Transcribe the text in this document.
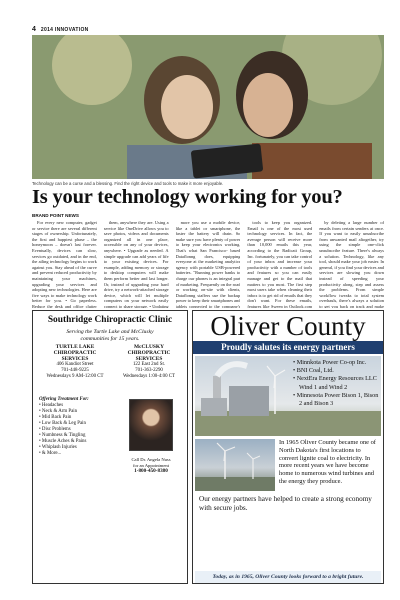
4 2014 INNOVATION
Technology can be a curse and a blessing. Find the right device and tools to make it more enjoyable.
Is your technology working for you?
BRAND POINT NEWS

For every new computer, gadget or service there are several different stages of ownership. Unfortunately, the first and happiest phase – the honeymoon – doesn't last forever. Eventually, devices can slow, services go outdated, and in the end, the ailing technology begins to work against you. Stay ahead of the curve and prevent reduced productivity by maintaining your machines, upgrading your services and adopting new technologies. Here are five ways to make technology work better for you. • Go paperless. Reduce the desk and office clutter

them, anywhere they are. Using a service like OneDrive allows you to save photos, videos and documents organized all in one place, accessible on any of your devices, anywhere. • Upgrade as needed. A simple upgrade can add years of life to your existing devices. For example, adding memory or storage to desktop computers will make them perform better and last longer. Or, instead of upgrading your hard drive, try a network-attached storage device, which will let multiple computers on your network easily connect to share storage. • Updating

more you use a mobile device, like a tablet or smartphone, the faster the battery will drain. So make sure you have plenty of power to keep your electronics working. That's what San Francisco- based Dataflonng does, equipping everyone at the marketing analytics agency with portable USB-powered batteries. "Running power banks to charge our phones is an integral part of marketing. Frequently on the road or working on-site with clients, Dataflonng staffers use the backup power to keep their smartphones and tablets connected to the company's

tools to keep you organized. Email is one of the most used technology services. In fact, the average person will receive more than 10,000 emails this year, according to the Radicati Group, Inc. fortunately, you can take control of your inbox and increase your productivity with a number of tools and features so you can easily manage and get to the mail that matters to you most. The first step most users take when cleaning their inbox is to get rid of emails that they don't want. For these emails, features like Sweep in Outlook.com

by deleting a large number of emails from certain senders at once. If you want to easily unsubscribe from unwanted mail altogether, try using the simple one-click unsubscribe feature. There's always a solution. Technology, like any tool, should make your job easier. In general, if you find your devices and services are slowing you down instead of speeding your productivity along, step and assess the problems. From simple workflow tweaks to total system overhauls, there's always a solution to get you back on track and make

Southridge Chiropractic Clinic
Serving the Turtle Lake and McClusky
communities for 15 years.
TURTLE LAKE
CHIROPRACTIC
SERVICES
406 Kandiot Street
701-448-9225
Wednesdays 9 AM-12:00 CT
McCLUSKY
CHIROPRACTIC
SERVICES
122 East 2nd St.
701-363-2290
Wednesdays 1:00-4:00 CT
Offering Treatment For:
• Headaches
• Neck & Arm Pain
• Mid Back Pain
• Low Back & Leg Pain
• Disc Problems
• Numbness & Tingling
• Muscle Aches & Pains
• Whiplash Injuries
• & More...
Call Dr. Angela Nuss
for an Appointment
1-800-450-8380
Oliver County
Proudly salutes its energy partners
• Minnkota Power Co-op Inc.
• BNI Coal, Ltd.
• NextEra Energy Resources LLC Wind 1 and Wind 2
• Minnesota Power Bison 1, Bison 2 and Bison 3
In 1965 Oliver County became one of North Dakota's first locations to convert lignite coal to electricity. In more recent years we have become home to numerous wind turbines and the energy they produce.
Our energy partners have helped to create a strong economy with secure jobs.
Today, as in 1965, Oliver County looks forward to a bright future.
